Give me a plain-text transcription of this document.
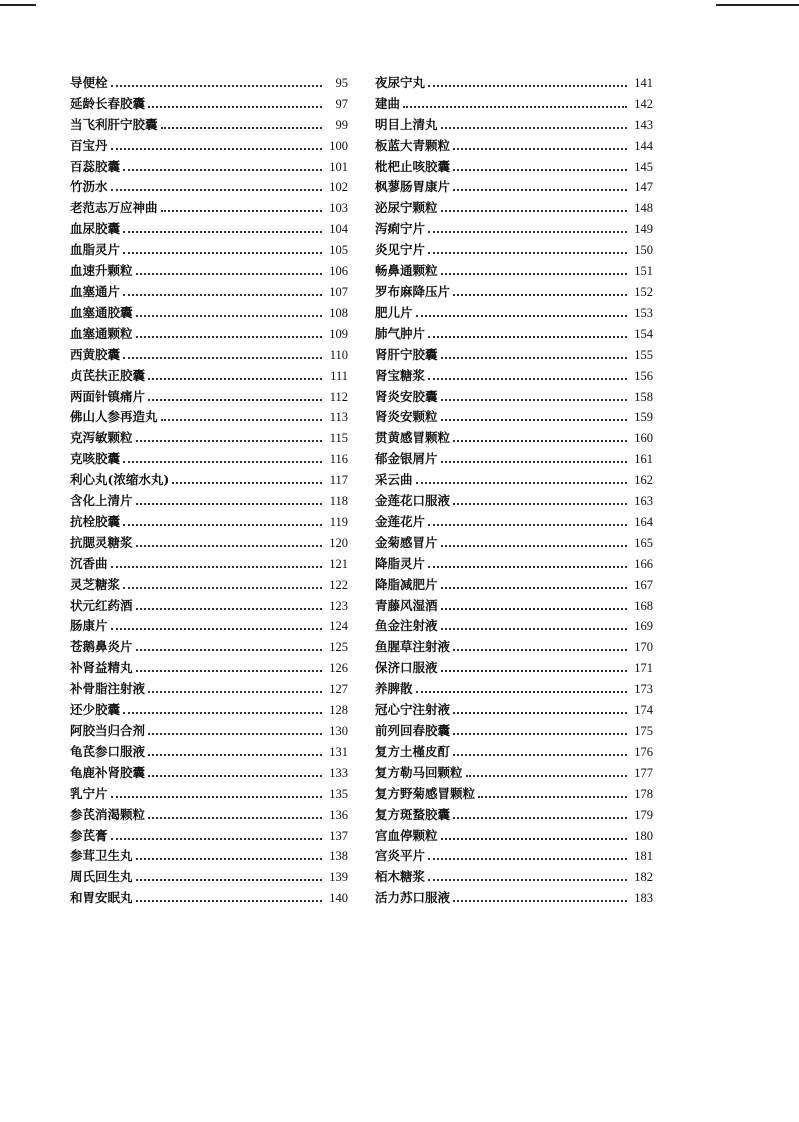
导便栓	95
延龄长春胶囊	97
当飞利肝宁胶囊	99
百宝丹	100
百蕊胶囊	101
竹沥水	102
老范志万应神曲	103
血尿胶囊	104
血脂灵片	105
血速升颗粒	106
血塞通片	107
血塞通胶囊	108
血塞通颗粒	109
西黄胶囊	110
贞芪扶正胶囊	111
两面针镇痛片	112
佛山人参再造丸	113
克泻敏颗粒	115
克咳胶囊	116
利心丸(浓缩水丸)	117
含化上清片	118
抗栓胶囊	119
抗腮灵糖浆	120
沉香曲	121
灵芝糖浆	122
状元红药酒	123
肠康片	124
苍鹅鼻炎片	125
补肾益精丸	126
补骨脂注射液	127
还少胶囊	128
阿胶当归合剂	130
龟芪参口服液	131
龟鹿补肾胶囊	133
乳宁片	135
参芪消渴颗粒	136
参芪膏	137
参茸卫生丸	138
周氏回生丸	139
和胃安眠丸	140
夜尿宁丸	141
建曲	142
明目上清丸	143
板蓝大青颗粒	144
枇杷止咳胶囊	145
枫蓼肠胃康片	147
泌尿宁颗粒	148
泻痢宁片	149
炎见宁片	150
畅鼻通颗粒	151
罗布麻降压片	152
肥儿片	153
肺气肿片	154
肾肝宁胶囊	155
肾宝糖浆	156
肾炎安胶囊	158
肾炎安颗粒	159
贯黄感冒颗粒	160
郁金银屑片	161
采云曲	162
金莲花口服液	163
金莲花片	164
金菊感冒片	165
降脂灵片	166
降脂减肥片	167
青藤风湿酒	168
鱼金注射液	169
鱼腥草注射液	170
保济口服液	171
养脾散	173
冠心宁注射液	174
前列回春胶囊	175
复方土槿皮酊	176
复方勒马回颗粒	177
复方野菊感冒颗粒	178
复方斑蝥胶囊	179
宫血停颗粒	180
宫炎平片	181
栢木糖浆	182
活力苏口服液	183
